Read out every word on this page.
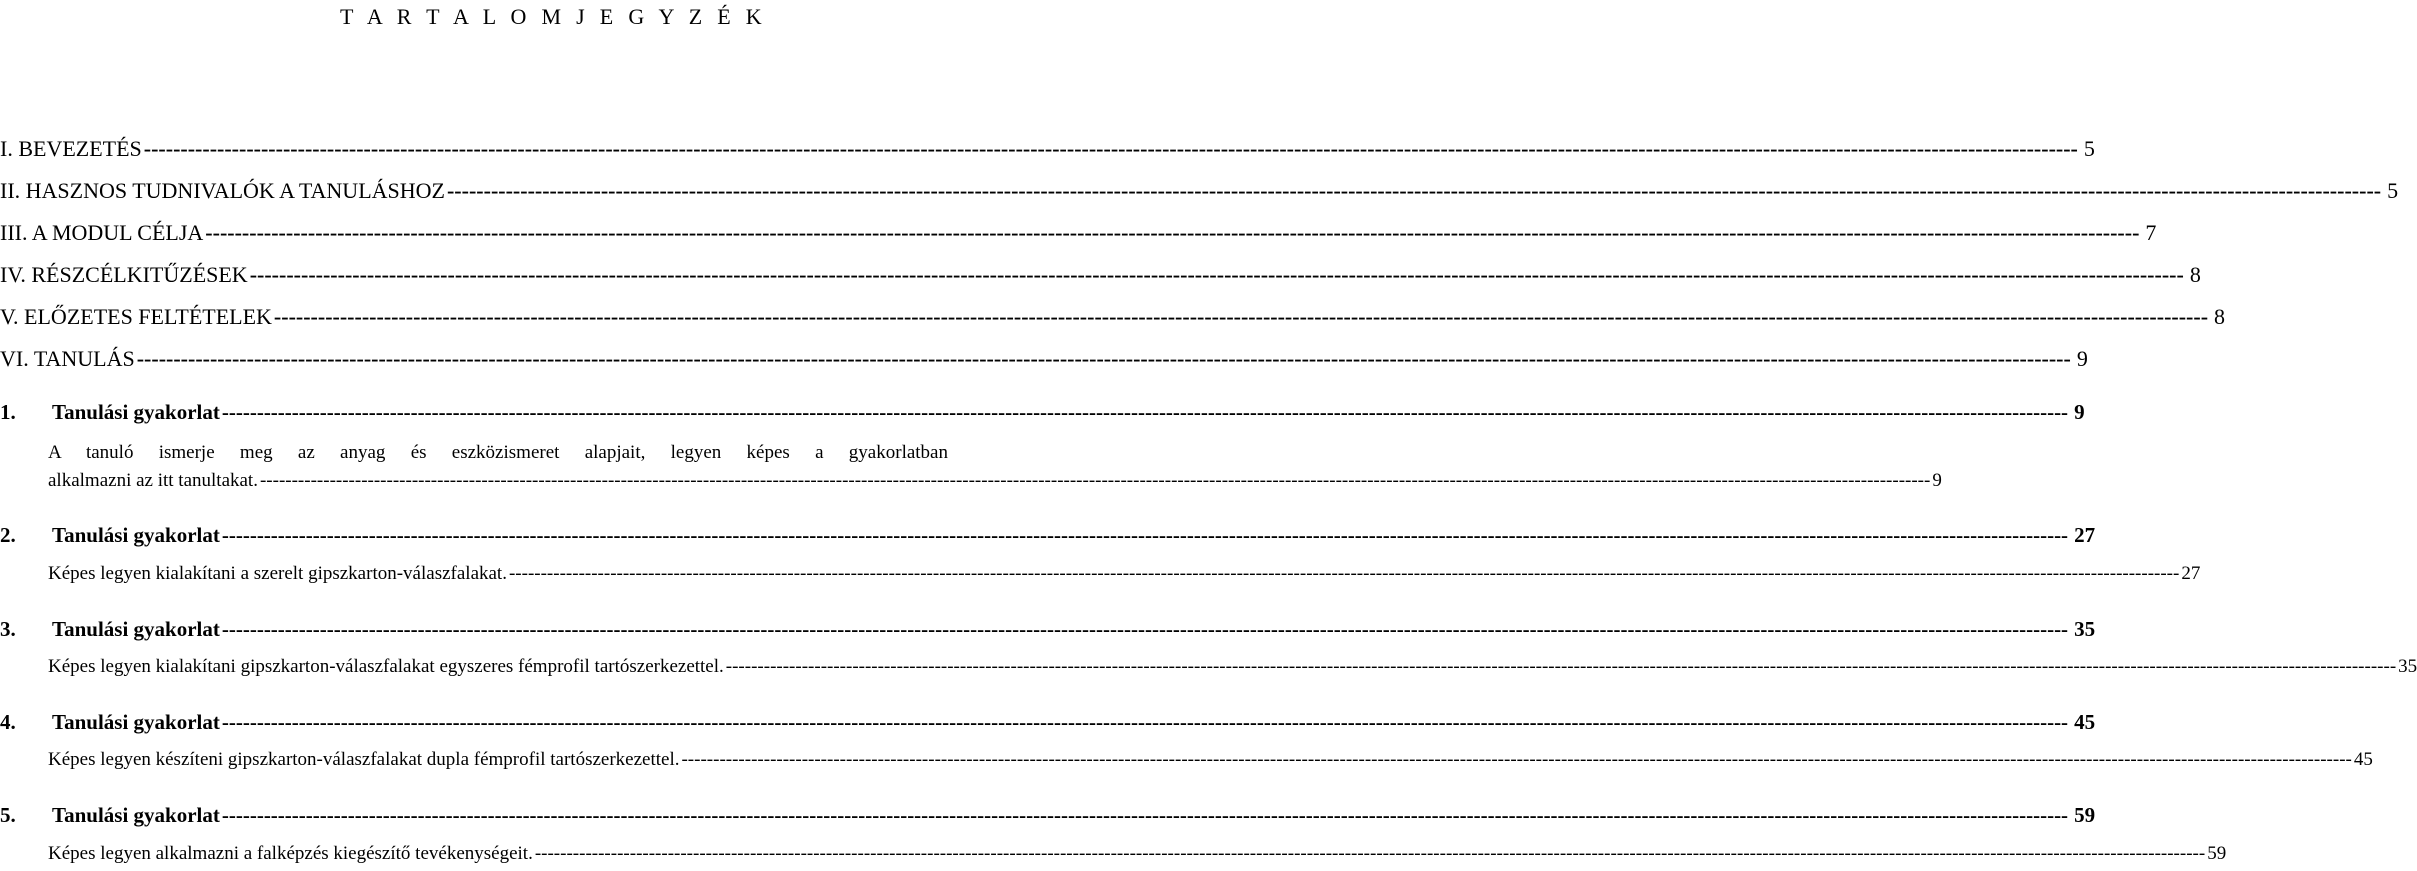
T A R T A L O M J E G Y Z É K
I. BEVEZETÉS -----	5
II. HASZNOS TUDNIVALÓK A TANULÁSHOZ -----	5
III. A MODUL CÉLJA -----	7
IV. RÉSZCÉLKITŰZÉSEK -----	8
V. ELŐZETES FELTÉTELEK -----	8
VI. TANULÁS -----	9
1. Tanulási gyakorlat -----	9
A tanuló ismerje meg az anyag és eszközismeret alapjait, legyen képes a gyakorlatban
alkalmazni az itt tanultakat. -----	9
2. Tanulási gyakorlat -----	27
Képes legyen kialakítani a szerelt gipszkarton-válaszfalakat. -----	27
3. Tanulási gyakorlat -----	35
Képes legyen kialakítani gipszkarton-válaszfalakat egyszeres fémprofil tartószerkezettel. -----	35
4. Tanulási gyakorlat -----	45
Képes legyen készíteni gipszkarton-válaszfalakat dupla fémprofil tartószerkezettel. -----	45
5. Tanulási gyakorlat -----	59
Képes legyen alkalmazni a falképzés kiegészítő tevékenységeit. -----	59
